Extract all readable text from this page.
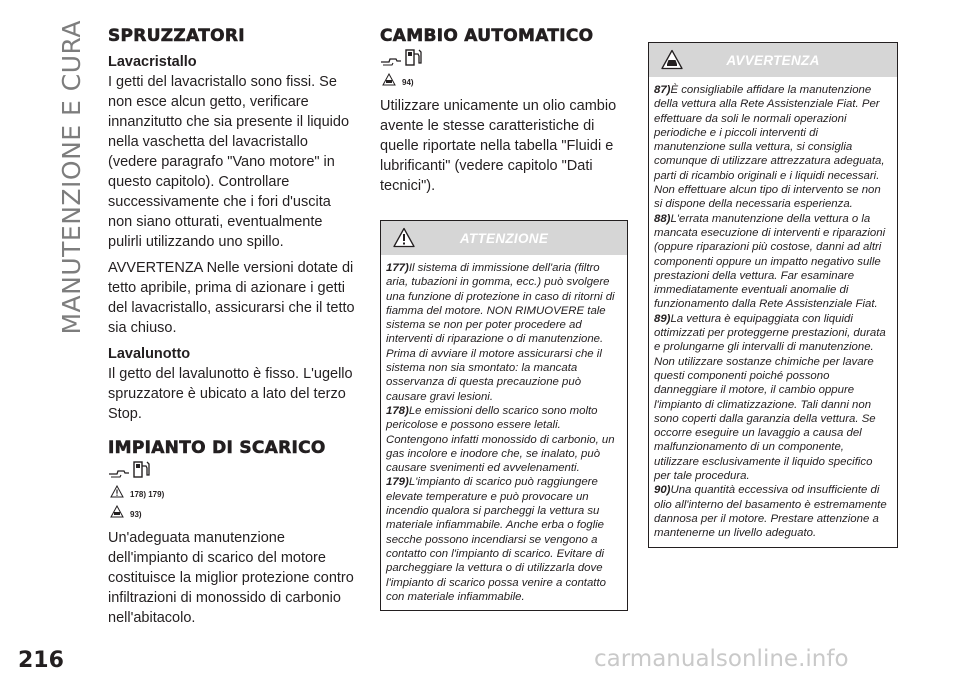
MANUTENZIONE E CURA SPRUZZATORI
Lavacristallo

I getti del lavacristallo sono fissi. Se non esce alcun getto, verificare innanzitutto che sia presente il liquido nella vaschetta del lavacristallo (vedere paragrafo "Vano motore" in questo capitolo). Controllare successivamente che i fori d'uscita non siano otturati, eventualmente pulirli utilizzando uno spillo.

AVVERTENZA Nelle versioni dotate di tetto apribile, prima di azionare i getti del lavacristallo, assicurarsi che il tetto sia chiuso.

Lavalunotto

Il getto del lavalunotto è fisso. L'ugello spruzzatore è ubicato a lato del terzo Stop.

IMPIANTO DI SCARICO
178) 179)
93)

Un'adeguata manutenzione dell'impianto di scarico del motore costituisce la miglior protezione contro infiltrazioni di monossido di carbonio nell'abitacolo.

CAMBIO AUTOMATICO
94)

Utilizzare unicamente un olio cambio avente le stesse caratteristiche di quelle riportate nella tabella "Fluidi e lubrificanti" (vedere capitolo "Dati tecnici").

ATTENZIONE

177)Il sistema di immissione dell'aria (filtro aria, tubazioni in gomma, ecc.) può svolgere una funzione di protezione in caso di ritorni di fiamma del motore. NON RIMUOVERE tale sistema se non per poter procedere ad interventi di riparazione o di manutenzione. Prima di avviare il motore assicurarsi che il sistema non sia smontato: la mancata osservanza di questa precauzione può causare gravi lesioni.

178)Le emissioni dello scarico sono molto pericolose e possono essere letali. Contengono infatti monossido di carbonio, un gas incolore e inodore che, se inalato, può causare svenimenti ed avvelenamenti.

179)L'impianto di scarico può raggiungere elevate temperature e può provocare un incendio qualora si parcheggi la vettura su materiale infiammabile. Anche erba o foglie secche possono incendiarsi se vengono a contatto con l'impianto di scarico. Evitare di parcheggiare la vettura o di utilizzarla dove l'impianto di scarico possa venire a contatto con materiale infiammabile.

AVVERTENZA

87)È consigliabile affidare la manutenzione della vettura alla Rete Assistenziale Fiat. Per effettuare da soli le normali operazioni periodiche e i piccoli interventi di manutenzione sulla vettura, si consiglia comunque di utilizzare attrezzatura adeguata, parti di ricambio originali e i liquidi necessari. Non effettuare alcun tipo di intervento se non si dispone della necessaria esperienza.

88)L'errata manutenzione della vettura o la mancata esecuzione di interventi e riparazioni (oppure riparazioni più costose, danni ad altri componenti oppure un impatto negativo sulle prestazioni della vettura. Far esaminare immediatamente eventuali anomalie di funzionamento dalla Rete Assistenziale Fiat.

89)La vettura è equipaggiata con liquidi ottimizzati per proteggerne prestazioni, durata e prolungarne gli intervalli di manutenzione. Non utilizzare sostanze chimiche per lavare questi componenti poiché possono danneggiare il motore, il cambio oppure l'impianto di climatizzazione. Tali danni non sono coperti dalla garanzia della vettura. Se occorre eseguire un lavaggio a causa del malfunzionamento di un componente, utilizzare esclusivamente il liquido specifico per tale procedura.

90)Una quantità eccessiva od insufficiente di olio all'interno del basamento è estremamente dannosa per il motore. Prestare attenzione a mantenerne un livello adeguato.

216	carmanualsonline.info
